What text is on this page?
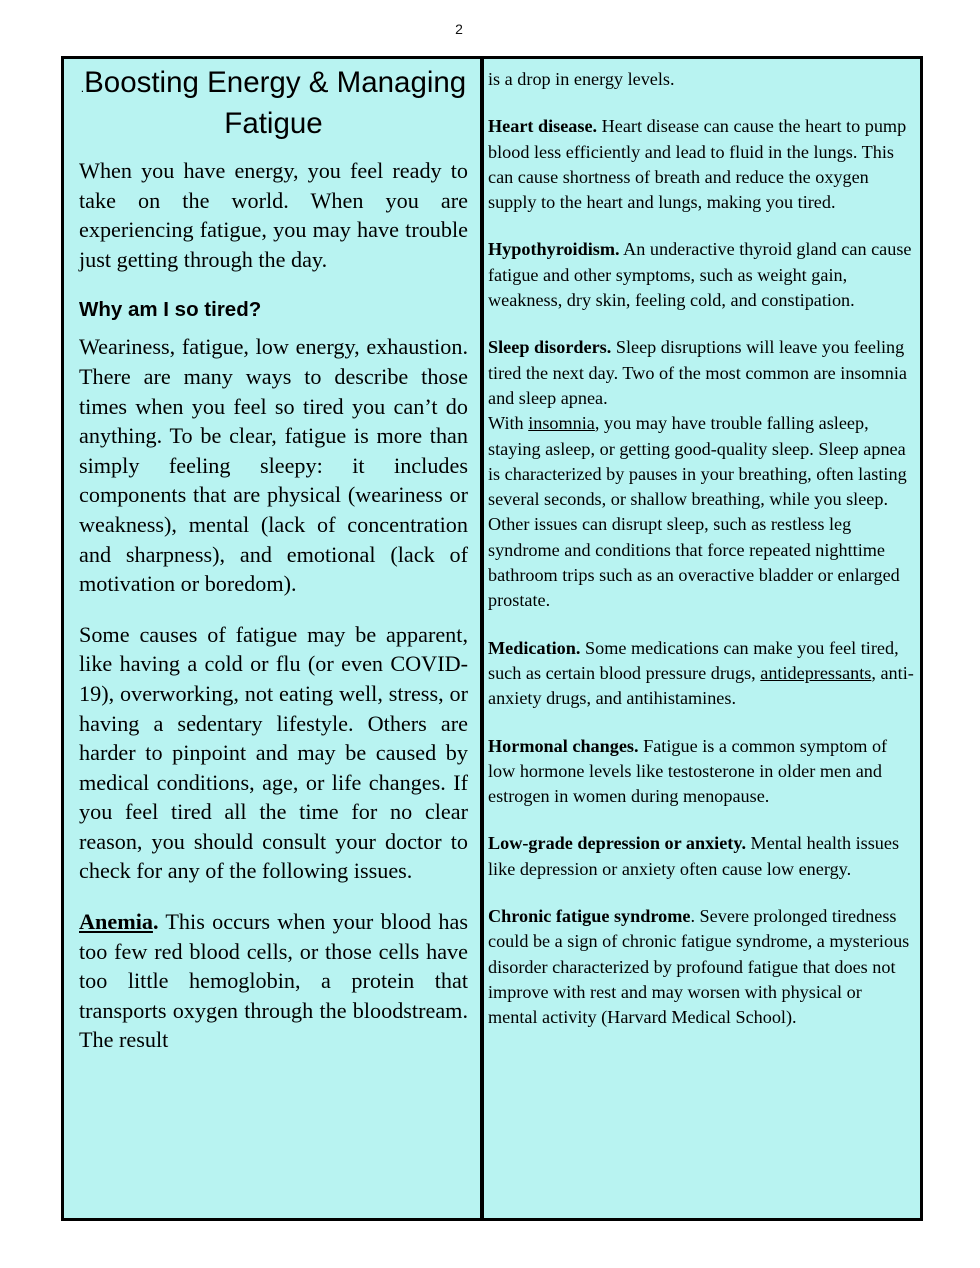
2
.Boosting Energy & Managing Fatigue

When you have energy, you feel ready to take on the world. When you are experiencing fatigue, you may have trouble just getting through the day.

Why am I so tired?

Weariness, fatigue, low energy, exhaustion. There are many ways to describe those times when you feel so tired you can’t do anything. To be clear, fatigue is more than simply feeling sleepy: it includes components that are physical (weariness or weakness), mental (lack of concentration and sharpness), and emotional (lack of motivation or boredom).

Some causes of fatigue may be apparent, like having a cold or flu (or even COVID-19), overworking, not eating well, stress, or having a sedentary lifestyle. Others are harder to pinpoint and may be caused by medical conditions, age, or life changes. If you feel tired all the time for no clear reason, you should consult your doctor to check for any of the following issues.

Anemia. This occurs when your blood has too few red blood cells, or those cells have too little hemoglobin, a protein that transports oxygen through the bloodstream. The result

is a drop in energy levels.

Heart disease. Heart disease can cause the heart to pump blood less efficiently and lead to fluid in the lungs. This can cause shortness of breath and reduce the oxygen supply to the heart and lungs, making you tired.

Hypothyroidism. An underactive thyroid gland can cause fatigue and other symptoms, such as weight gain, weakness, dry skin, feeling cold, and constipation.

Sleep disorders. Sleep disruptions will leave you feeling tired the next day. Two of the most common are insomnia and sleep apnea.
With insomnia, you may have trouble falling asleep, staying asleep, or getting good-quality sleep. Sleep apnea is characterized by pauses in your breathing, often lasting several seconds, or shallow breathing, while you sleep. Other issues can disrupt sleep, such as restless leg syndrome and conditions that force repeated nighttime bathroom trips such as an overactive bladder or enlarged prostate.

Medication. Some medications can make you feel tired, such as certain blood pressure drugs, antidepressants, anti-anxiety drugs, and antihistamines.

Hormonal changes. Fatigue is a common symptom of low hormone levels like testosterone in older men and estrogen in women during menopause.

Low-grade depression or anxiety. Mental health issues like depression or anxiety often cause low energy.

Chronic fatigue syndrome. Severe prolonged tiredness could be a sign of chronic fatigue syndrome, a mysterious disorder characterized by profound fatigue that does not improve with rest and may worsen with physical or mental activity (Harvard Medical School).
